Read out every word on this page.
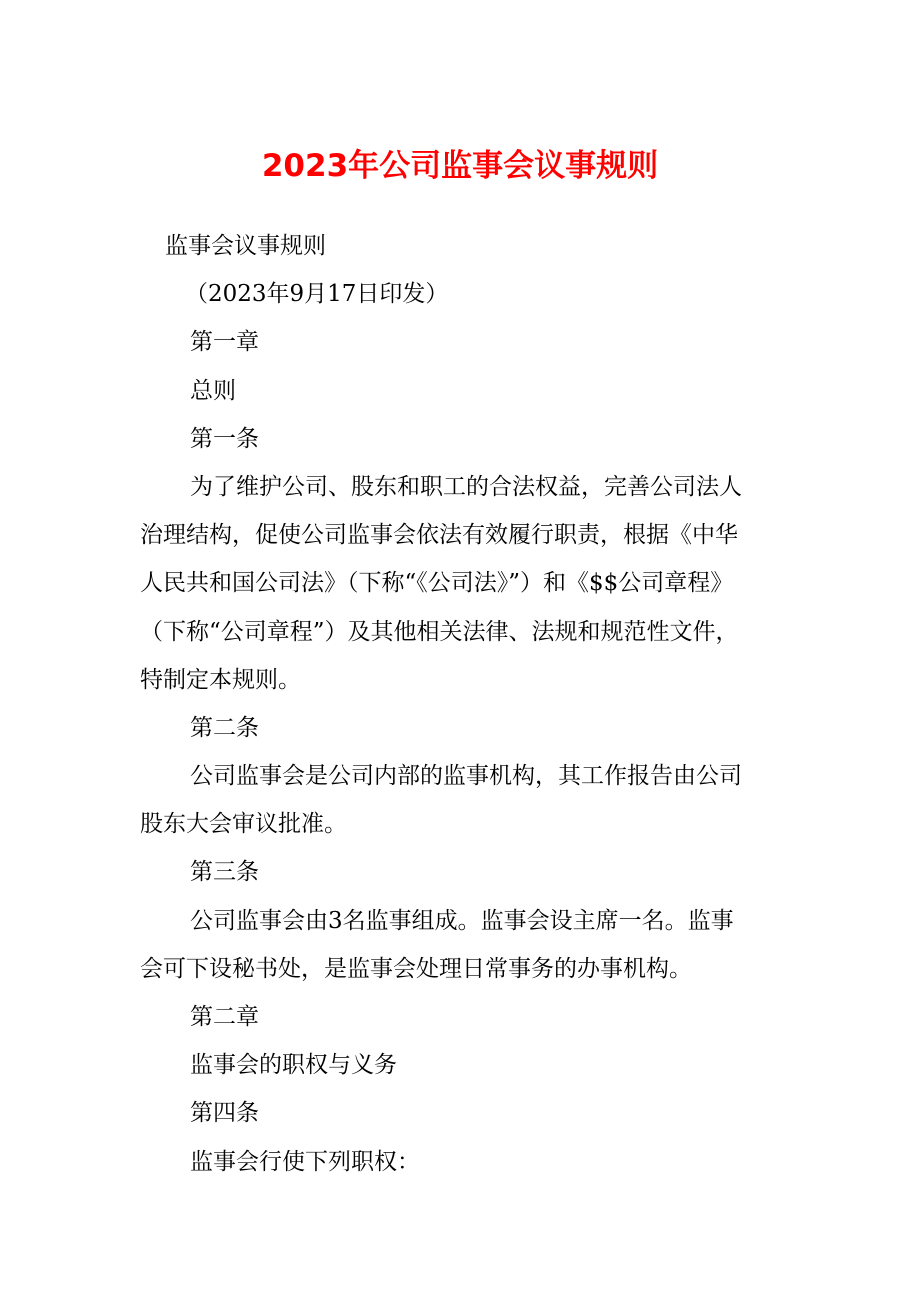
2023年公司监事会议事规则

监事会议事规则

（2023年9月17日印发）

第一章

总则

第一条

为了维护公司、股东和职工的合法权益，完善公司法人

治理结构，促使公司监事会依法有效履行职责，根据《中华

人民共和国公司法》（下称“《公司法》”）和《$$公司章程》

（下称“公司章程”）及其他相关法律、法规和规范性文件，

特制定本规则。

第二条

公司监事会是公司内部的监事机构，其工作报告由公司

股东大会审议批准。

第三条

公司监事会由3名监事组成。监事会设主席一名。监事

会可下设秘书处，是监事会处理日常事务的办事机构。

第二章

监事会的职权与义务

第四条

监事会行使下列职权：
